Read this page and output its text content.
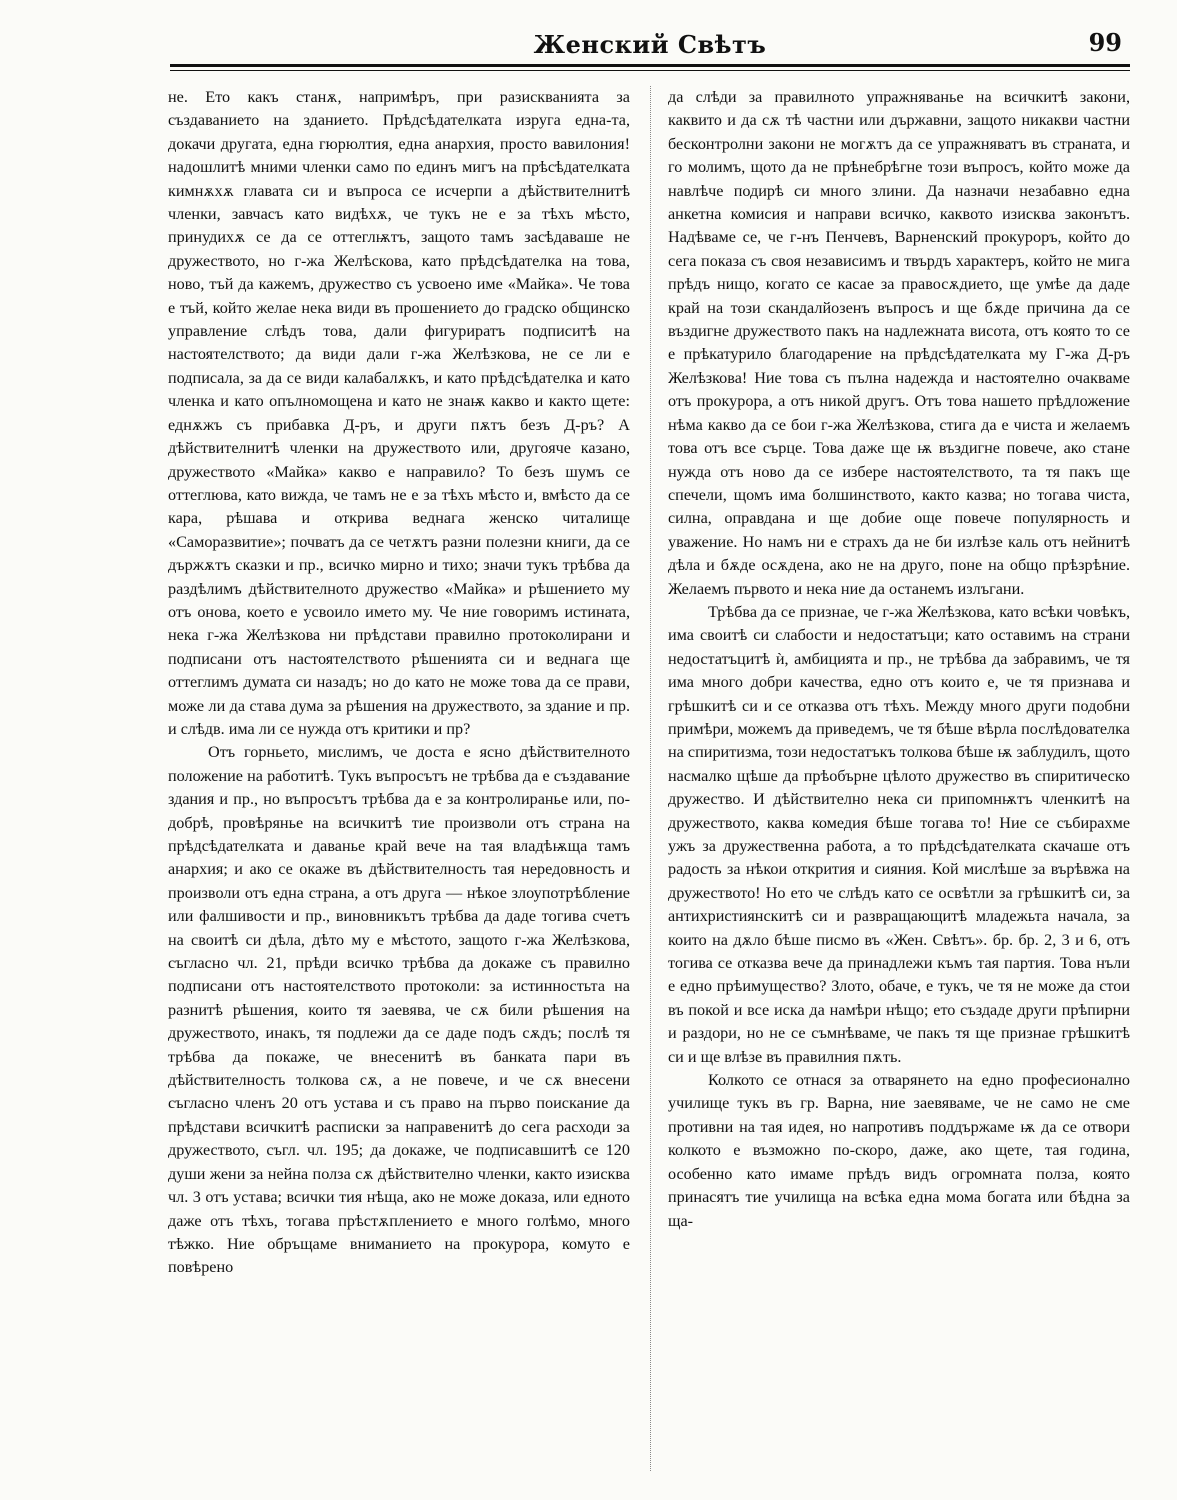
Женский Свѣтъ	99

не. Ето какъ станѫ, напримѣръ, при разискванията за създаванието на зданието. Прѣдсѣдателката изруга една-та, докачи другата, една гюрюлтия, една анархия, просто вавилония! надошлитѣ мними членки само по единъ мигъ на прѣсѣдателката кимнѫхѫ главата си и въпроса се исчерпи а дѣйствителнитѣ членки, завчасъ като видѣхѫ, че тукъ не е за тѣхъ мѣсто, принудихѫ се да се оттеглѭтъ, защото тамъ засѣдаваше не дружеството, но г-жа Желѣскова, като прѣдсѣдателка на това, ново, тъй да кажемъ, дружество съ усвоено име «Майка». Че това е тъй, който желае нека види въ прошението до градско общинско управление слѣдъ това, дали фигуриратъ подписитѣ на настоятелството; да види дали г-жа Желѣзкова, не се ли е подписала, за да се види калабалѫкъ, и като прѣдсѣдателка и като членка и като опълномощена и като не знаѭ какво и както щете: еднѫжъ съ прибавка Д-ръ, и други пѫтъ безъ Д-ръ? А дѣйствителнитѣ членки на дружеството или, другояче казано, дружеството «Майка» какво е направило? То безъ шумъ се оттеглюва, като вижда, че тамъ не е за тѣхъ мѣсто и, вмѣсто да се кара, рѣшава и открива веднага женско читалище «Саморазвитие»; почватъ да се четѫтъ разни полезни книги, да се държѫтъ сказки и пр., всичко мирно и тихо; значи тукъ трѣбва да раздѣлимъ дѣйствителното дружество «Майка» и рѣшението му отъ онова, което е усвоило името му. Че ние говоримъ истината, нека г-жа Желѣзкова ни прѣдстави правилно протоколирани и подписани отъ настоятелството рѣшенията си и веднага ще оттеглимъ думата си назадъ; но до като не може това да се прави, може ли да става дума за рѣшения на дружеството, за здание и пр. и слѣдв. има ли се нужда отъ критики и пр?

Отъ горньето, мислимъ, че доста е ясно дѣйствителното положение на работитѣ. Тукъ въпросътъ не трѣбва да е създавание здания и пр., но въпросътъ трѣбва да е за контролиранье или, по-добрѣ, провѣрянье на всичкитѣ тие произволи отъ страна на прѣдсѣдателката и даванье край вече на тая владѣѭща тамъ анархия; и ако се окаже въ дѣйствителность тая нередовность и произволи отъ една страна, а отъ друга — нѣкое злоупотрѣбление или фалшивости и пр., виновникътъ трѣбва да даде тогива счетъ на своитѣ си дѣла, дѣто му е мѣстото, защото г-жа Желѣзкова, съгласно чл. 21, прѣди всичко трѣбва да докаже съ правилно подписани отъ настоятелството протоколи: за истинностьта на разнитѣ рѣшения, които тя заевява, че сѫ били рѣшения на дружеството, инакъ, тя подлежи да се даде подъ сѫдъ; послѣ тя трѣбва да покаже, че внесенитѣ въ банката пари въ дѣйствителность толкова сѫ, а не повече, и че сѫ внесени съгласно членъ 20 отъ устава и съ право на първо поискание да прѣдстави всичкитѣ расписки за направенитѣ до сега расходи за дружеството, съгл. чл. 195; да докаже, че подписавшитѣ се 120 души жени за нейна полза сѫ дѣйствително членки, както изисква чл. 3 отъ устава; всички тия нѣща, ако не може доказа, или едното даже отъ тѣхъ, тогава прѣстѫплението е много голѣмо, много тѣжко. Ние обръщаме вниманието на прокурора, комуто е повѣрено

да слѣди за правилното упражняванье на всичкитѣ закони, каквито и да сѫ тѣ частни или държавни, защото никакви частни бесконтролни закони не могѫтъ да се упражняватъ въ страната, и го молимъ, щото да не прѣнебрѣгне този въпросъ, който може да навлѣче подирѣ си много злини. Да назначи незабавно една анкетна комисия и направи всичко, каквото изисква законътъ. Надѣваме се, че г-нъ Пенчевъ, Варненский прокуроръ, който до сега показа съ своя независимъ и твърдъ характеръ, който не мига прѣдъ нищо, когато се касае за правосѫдието, ще умѣе да даде край на този скандалйозенъ въпросъ и ще бѫде причина да се въздигне дружеството пакъ на надлежната висота, отъ която то се е прѣкатурило благодарение на прѣдсѣдателката му Г-жа Д-ръ Желѣзкова! Ние това съ пълна надежда и настоятелно очакваме отъ прокурора, а отъ никой другъ. Отъ това нашето прѣдложение нѣма какво да се бои г-жа Желѣзкова, стига да е чиста и желаемъ това отъ все сърце. Това даже ще ѭ въздигне повече, ако стане нужда отъ ново да се избере настоятелството, та тя пакъ ще спечели, щомъ има болшинството, както казва; но тогава чиста, силна, оправдана и ще добие още повече популярность и уважение. Но намъ ни е страхъ да не би излѣзе каль отъ нейнитѣ дѣла и бѫде осѫдена, ако не на друго, поне на общо прѣзрѣние. Желаемъ първото и нека ние да останемъ излъгани.

Трѣбва да се признае, че г-жа Желѣзкова, като всѣки човѣкъ, има своитѣ си слабости и недостатъци; като оставимъ на страни недостатъцитѣ ѝ, амбицията и пр., не трѣбва да забравимъ, че тя има много добри качества, едно отъ които е, че тя признава и грѣшкитѣ си и се отказва отъ тѣхъ. Между много други подобни примѣри, можемъ да приведемъ, че тя бѣше вѣрла послѣдователка на спиритизма, този недостатъкъ толкова бѣше ѭ заблудилъ, щото насмалко щѣше да прѣобърне цѣлото дружество въ спиритическо дружество. И дѣйствително нека си припомнѭтъ членкитѣ на дружеството, каква комедия бѣше тогава то! Ние се събирахме ужъ за дружественна работа, а то прѣдсѣдателката скачаше отъ радость за нѣкои открития и сияния. Кой мислѣше за върѣвжа на дружеството! Но ето че слѣдъ като се освѣтли за грѣшкитѣ си, за антихристиянскитѣ си и развращающитѣ младежьта начала, за които на дѫло бѣше писмо въ «Жен. Свѣтъ». бр. бр. 2, 3 и 6, отъ тогива се отказва вече да принадлежи къмъ тая партия. Това нъли е едно прѣимущество? Злото, обаче, е тукъ, че тя не може да стои въ покой и все иска да намѣри нѣщо; ето създаде други прѣпирни и раздори, но не се съмнѣваме, че пакъ тя ще признае грѣшкитѣ си и ще влѣзе въ правилния пѫть.

Колкото се отнася за отварянето на едно професионално училище тукъ въ гр. Варна, ние заевяваме, че не само не сме противни на тая идея, но напротивъ поддържаме ѭ да се отвори колкото е възможно по-скоро, даже, ако щете, тая година, особенно като имаме прѣдъ видъ огромната полза, която принасятъ тие училища на всѣка една мома богата или бѣдна за ща-
